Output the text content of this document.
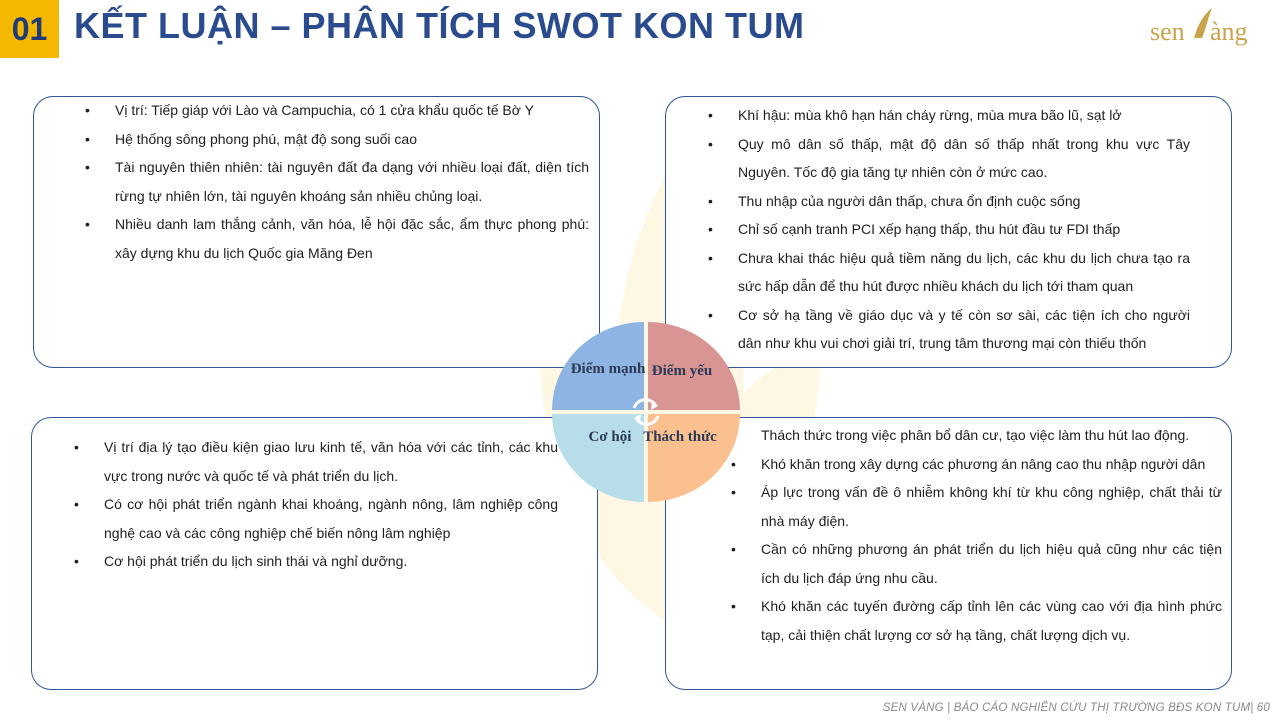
01 KẾT LUẬN – PHÂN TÍCH SWOT KON TUM	sen àng
• Vị trí: Tiếp giáp với Lào và Campuchia, có 1 cửa khẩu quốc tế Bờ Y
• Hệ thống sông phong phú, mật độ song suối cao
• Tài nguyên thiên nhiên: tài nguyên đất đa dạng với nhiều loại đất, diện tích rừng tự nhiên lớn, tài nguyên khoáng sản nhiều chủng loại.
• Nhiều danh lam thắng cảnh, văn hóa, lễ hội đặc sắc, ẩm thực phong phú: xây dựng khu du lịch Quốc gia Măng Đen
• Khí hậu: mùa khô hạn hán cháy rừng, mùa mưa bão lũ, sạt lở
• Quy mô dân số thấp, mật độ dân số thấp nhất trong khu vực Tây Nguyên. Tốc độ gia tăng tự nhiên còn ở mức cao.
• Thu nhập của người dân thấp, chưa ổn định cuộc sống
• Chỉ số cạnh tranh PCI xếp hạng thấp, thu hút đầu tư FDI thấp
• Chưa khai thác hiệu quả tiềm năng du lịch, các khu du lịch chưa tạo ra sức hấp dẫn để thu hút được nhiều khách du lịch tới tham quan
• Cơ sở hạ tầng về giáo dục và y tế còn sơ sài, các tiện ích cho người dân như khu vui chơi giải trí, trung tâm thương mại còn thiếu thốn
• Vị trí địa lý tạo điều kiện giao lưu kinh tế, văn hóa với các tỉnh, các khu vực trong nước và quốc tế và phát triển du lịch.
• Có cơ hội phát triển ngành khai khoáng, ngành nông, lâm nghiệp công nghệ cao và các công nghiệp chế biến nông lâm nghiệp
• Cơ hội phát triển du lịch sinh thái và nghỉ dưỡng.
• Thách thức trong việc phân bổ dân cư, tạo việc làm thu hút lao động.
• Khó khăn trong xây dựng các phương án nâng cao thu nhập người dân
• Áp lực trong vấn đề ô nhiễm không khí từ khu công nghiệp, chất thải từ nhà máy điện.
• Cần có những phương án phát triển du lịch hiệu quả cũng như các tiện ích du lịch đáp ứng nhu cầu.
• Khó khăn các tuyến đường cấp tỉnh lên các vùng cao với địa hình phức tạp, cải thiện chất lượng cơ sở hạ tầng, chất lượng dịch vụ.
Điểm mạnh Điểm yếu
Cơ hội Thách thức
SEN VÀNG | BÁO CÁO NGHIÊN CỨU THỊ TRƯỜNG BĐS KON TUM| 60
